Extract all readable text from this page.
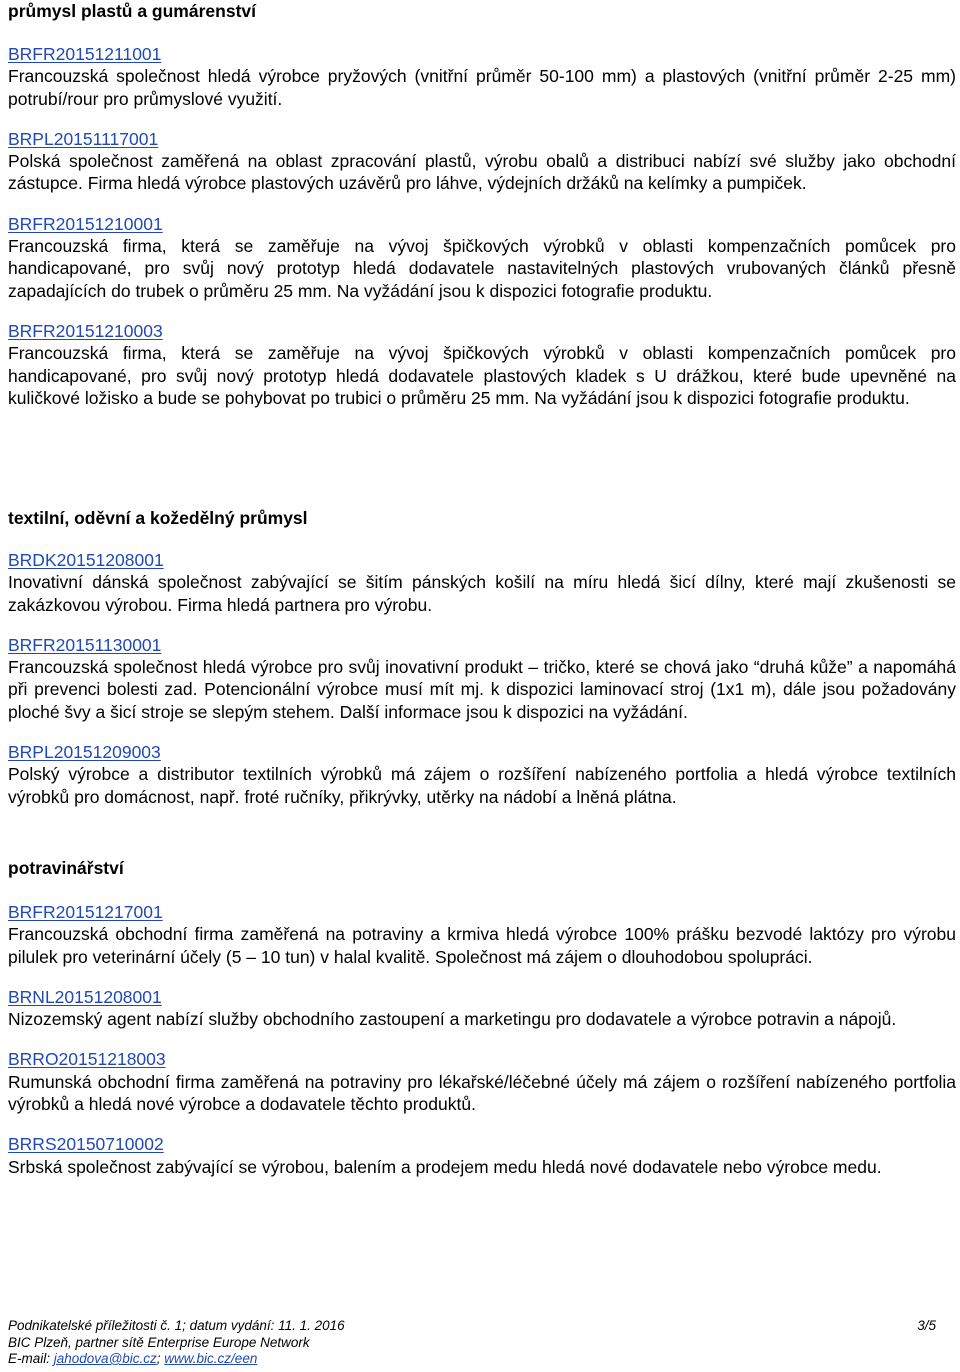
průmysl plastů a gumárenství
BRFR20151211001

Francouzská společnost hledá výrobce pryžových (vnitřní průměr 50-100 mm) a plastových (vnitřní průměr 2-25 mm) potrubí/rour pro průmyslové využití.

BRPL20151117001

Polská společnost zaměřená na oblast zpracování plastů, výrobu obalů a distribuci nabízí své služby jako obchodní zástupce. Firma hledá výrobce plastových uzávěrů pro láhve, výdejních držáků na kelímky a pumpiček.

BRFR20151210001

Francouzská firma, která se zaměřuje na vývoj špičkových výrobků v oblasti kompenzačních pomůcek pro handicapované, pro svůj nový prototyp hledá dodavatele nastavitelných plastových vrubovaných článků přesně zapadajících do trubek o průměru 25 mm. Na vyžádání jsou k dispozici fotografie produktu.

BRFR20151210003

Francouzská firma, která se zaměřuje na vývoj špičkových výrobků v oblasti kompenzačních pomůcek pro handicapované, pro svůj nový prototyp hledá dodavatele plastových kladek s U drážkou, které bude upevněné na kuličkové ložisko a bude se pohybovat po trubici o průměru 25 mm. Na vyžádání jsou k dispozici fotografie produktu.

textilní, oděvní a kožedělný průmysl
BRDK20151208001

Inovativní dánská společnost zabývající se šitím pánských košilí na míru hledá šicí dílny, které mají zkušenosti se zakázkovou výrobou. Firma hledá partnera pro výrobu.

BRFR20151130001

Francouzská společnost hledá výrobce pro svůj inovativní produkt – tričko, které se chová jako “druhá kůže” a napomáhá při prevenci bolesti zad. Potencionální výrobce musí mít mj. k dispozici laminovací stroj (1x1 m), dále jsou požadovány ploché švy a šicí stroje se slepým stehem. Další informace jsou k dispozici na vyžádání.

BRPL20151209003

Polský výrobce a distributor textilních výrobků má zájem o rozšíření nabízeného portfolia a hledá výrobce textilních výrobků pro domácnost, např. froté ručníky, přikrývky, utěrky na nádobí a lněná plátna.

potravinářství
BRFR20151217001

Francouzská obchodní firma zaměřená na potraviny a krmiva hledá výrobce 100% prášku bezvodé laktózy pro výrobu pilulek pro veterinární účely (5 – 10 tun) v halal kvalitě. Společnost má zájem o dlouhodobou spolupráci.

BRNL20151208001

Nizozemský agent nabízí služby obchodního zastoupení a marketingu pro dodavatele a výrobce potravin a nápojů.

BRRO20151218003

Rumunská obchodní firma zaměřená na potraviny pro lékařské/léčebné účely má zájem o rozšíření nabízeného portfolia výrobků a hledá nové výrobce a dodavatele těchto produktů.

BRRS20150710002

Srbská společnost zabývající se výrobou, balením a prodejem medu hledá nové dodavatele nebo výrobce medu.

Podnikatelské příležitosti č. 1; datum vydání: 11. 1. 2016	3/5
BIC Plzeň, partner sítě Enterprise Europe Network
E-mail: jahodova@bic.cz; www.bic.cz/een
